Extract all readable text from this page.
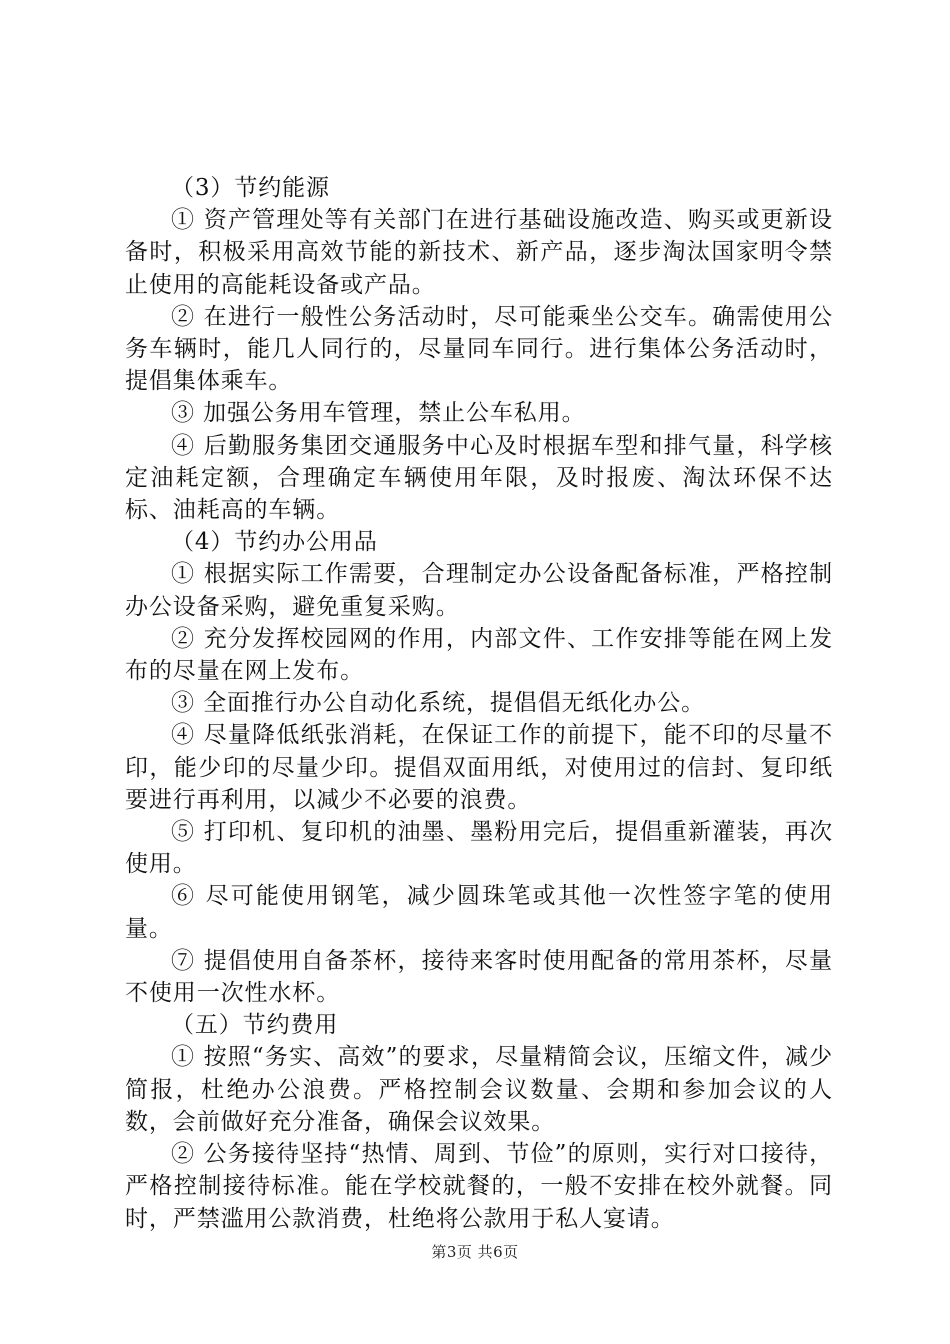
（3）节约能源

① 资产管理处等有关部门在进行基础设施改造、购买或更新设备时，积极采用高效节能的新技术、新产品，逐步淘汰国家明令禁止使用的高能耗设备或产品。

② 在进行一般性公务活动时，尽可能乘坐公交车。确需使用公务车辆时，能几人同行的，尽量同车同行。进行集体公务活动时，提倡集体乘车。

③ 加强公务用车管理，禁止公车私用。

④ 后勤服务集团交通服务中心及时根据车型和排气量，科学核定油耗定额，合理确定车辆使用年限，及时报废、淘汰环保不达标、油耗高的车辆。

（4）节约办公用品

① 根据实际工作需要，合理制定办公设备配备标准，严格控制办公设备采购，避免重复采购。

② 充分发挥校园网的作用，内部文件、工作安排等能在网上发布的尽量在网上发布。

③ 全面推行办公自动化系统，提倡倡无纸化办公。

④ 尽量降低纸张消耗，在保证工作的前提下，能不印的尽量不印，能少印的尽量少印。提倡双面用纸，对使用过的信封、复印纸要进行再利用，以减少不必要的浪费。

⑤ 打印机、复印机的油墨、墨粉用完后，提倡重新灌装，再次使用。

⑥ 尽可能使用钢笔，减少圆珠笔或其他一次性签字笔的使用量。

⑦ 提倡使用自备茶杯，接待来客时使用配备的常用茶杯，尽量不使用一次性水杯。

（五）节约费用

① 按照“务实、高效”的要求，尽量精简会议，压缩文件，减少简报，杜绝办公浪费。严格控制会议数量、会期和参加会议的人数，会前做好充分准备，确保会议效果。

② 公务接待坚持“热情、周到、节俭”的原则，实行对口接待，严格控制接待标准。能在学校就餐的，一般不安排在校外就餐。同时，严禁滥用公款消费，杜绝将公款用于私人宴请。

第3页 共6页
